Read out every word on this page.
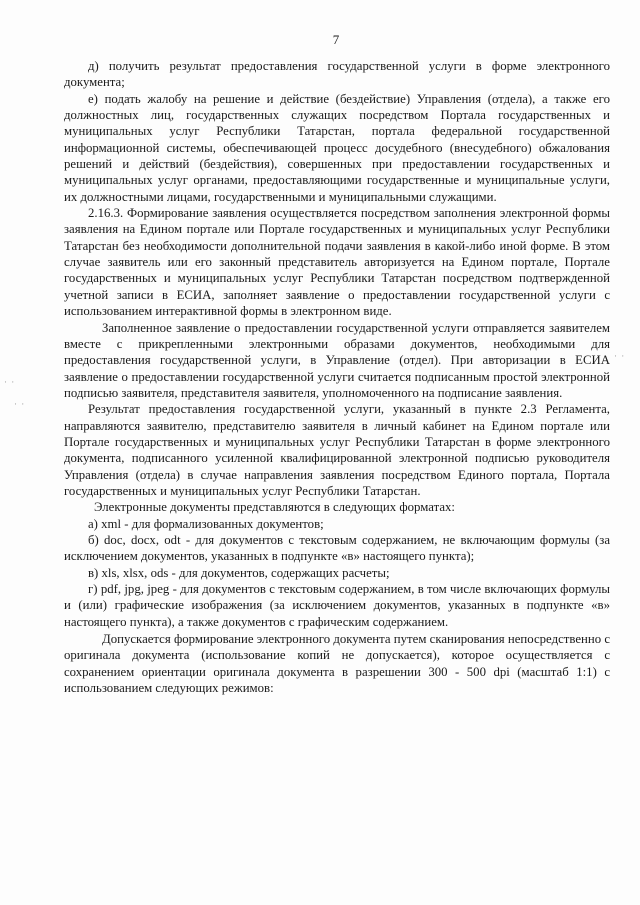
7

д) получить результат предоставления государственной услуги в форме электронного документа;

е) подать жалобу на решение и действие (бездействие) Управления (отдела), а также его должностных лиц, государственных служащих посредством Портала государственных и муниципальных услуг Республики Татарстан, портала федеральной государственной информационной системы, обеспечивающей процесс досудебного (внесудебного) обжалования решений и действий (бездействия), совершенных при предоставлении государственных и муниципальных услуг органами, предоставляющими государственные и муниципальные услуги, их должностными лицами, государственными и муниципальными служащими.

2.16.3. Формирование заявления осуществляется посредством заполнения электронной формы заявления на Едином портале или Портале государственных и муниципальных услуг Республики Татарстан без необходимости дополнительной подачи заявления в какой-либо иной форме. В этом случае заявитель или его законный представитель авторизуется на Едином портале, Портале государственных и муниципальных услуг Республики Татарстан посредством подтвержденной учетной записи в ЕСИА, заполняет заявление о предоставлении государственной услуги с использованием интерактивной формы в электронном виде.

Заполненное заявление о предоставлении государственной услуги отправляется заявителем вместе с прикрепленными электронными образами документов, необходимыми для предоставления государственной услуги, в Управление (отдел). При авторизации в ЕСИА заявление о предоставлении государственной услуги считается подписанным простой электронной подписью заявителя, представителя заявителя, уполномоченного на подписание заявления.

Результат предоставления государственной услуги, указанный в пункте 2.3 Регламента, направляются заявителю, представителю заявителя в личный кабинет на Едином портале или Портале государственных и муниципальных услуг Республики Татарстан в форме электронного документа, подписанного усиленной квалифицированной электронной подписью руководителя Управления (отдела) в случае направления заявления посредством Единого портала, Портала государственных и муниципальных услуг Республики Татарстан.

Электронные документы представляются в следующих форматах:

а) xml - для формализованных документов;

б) doc, docx, odt - для документов с текстовым содержанием, не включающим формулы (за исключением документов, указанных в подпункте «в» настоящего пункта);

в) xls, xlsx, ods - для документов, содержащих расчеты;

г) pdf, jpg, jpeg - для документов с текстовым содержанием, в том числе включающих формулы и (или) графические изображения (за исключением документов, указанных в подпункте «в» настоящего пункта), а также документов с графическим содержанием.

Допускается формирование электронного документа путем сканирования непосредственно с оригинала документа (использование копий не допускается), которое осуществляется с сохранением ориентации оригинала документа в разрешении 300 - 500 dpi (масштаб 1:1) с использованием следующих режимов:

· ·
· ·
· ·
